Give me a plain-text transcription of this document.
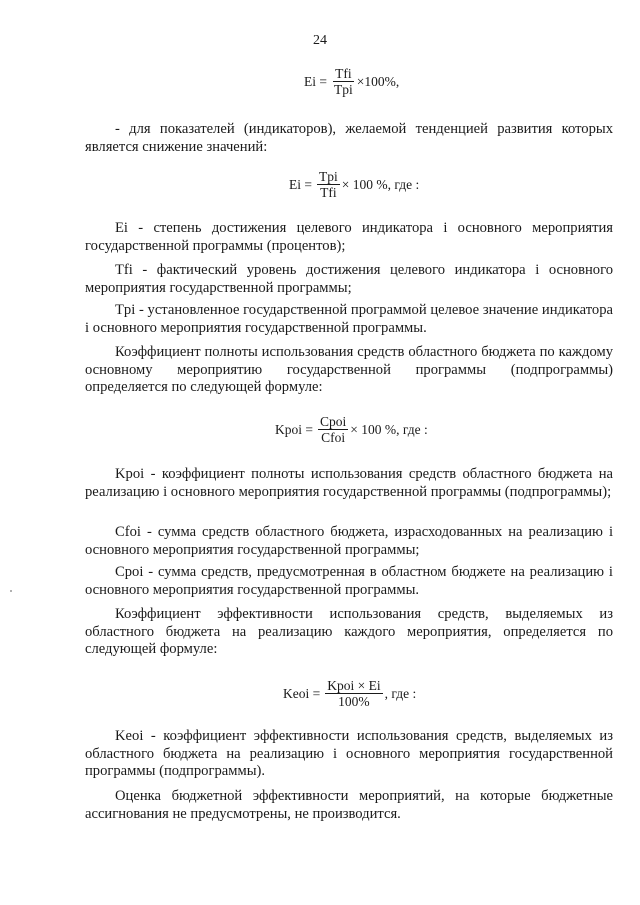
24
$Ei = \frac{\text{Tfi}}{\text{Tpi}} \times 100\%$,

- для показателей (индикаторов), желаемой тенденцией развития которых является снижение значений:

$Ei = \frac{\text{Tpi}}{\text{Tfi}} \times 100$ %, где :

Ei - степень достижения целевого индикатора i основного мероприятия государственной программы (процентов);

Tfi - фактический уровень достижения целевого индикатора i основного мероприятия государственной программы;

Tpi - установленное государственной программой целевое значение индикатора i основного мероприятия государственной программы.

Коэффициент полноты использования средств областного бюджета по каждому основному мероприятию государственной программы (подпрограммы) определяется по следующей формуле:

Kpoi = $\frac{\text{Cpoi}}{\text{Cfoi}} \times 100$ %, где :

Kpoi - коэффициент полноты использования средств областного бюджета на реализацию i основного мероприятия государственной программы (подпрограммы);

Cfoi - сумма средств областного бюджета, израсходованных на реализацию i основного мероприятия государственной программы;

Cpoi - сумма средств, предусмотренная в областном бюджете на реализацию i основного мероприятия государственной программы.

Коэффициент эффективности использования средств, выделяемых из областного бюджета на реализацию каждого мероприятия, определяется по следующей формуле:

Keoi = $\frac{\text{Kpoi × Ei}}{100\%}$ , где :

Keoi - коэффициент эффективности использования средств, выделяемых из областного бюджета на реализацию i основного мероприятия государственной программы (подпрограммы).

Оценка бюджетной эффективности мероприятий, на которые бюджетные ассигнования не предусмотрены, не производится.
